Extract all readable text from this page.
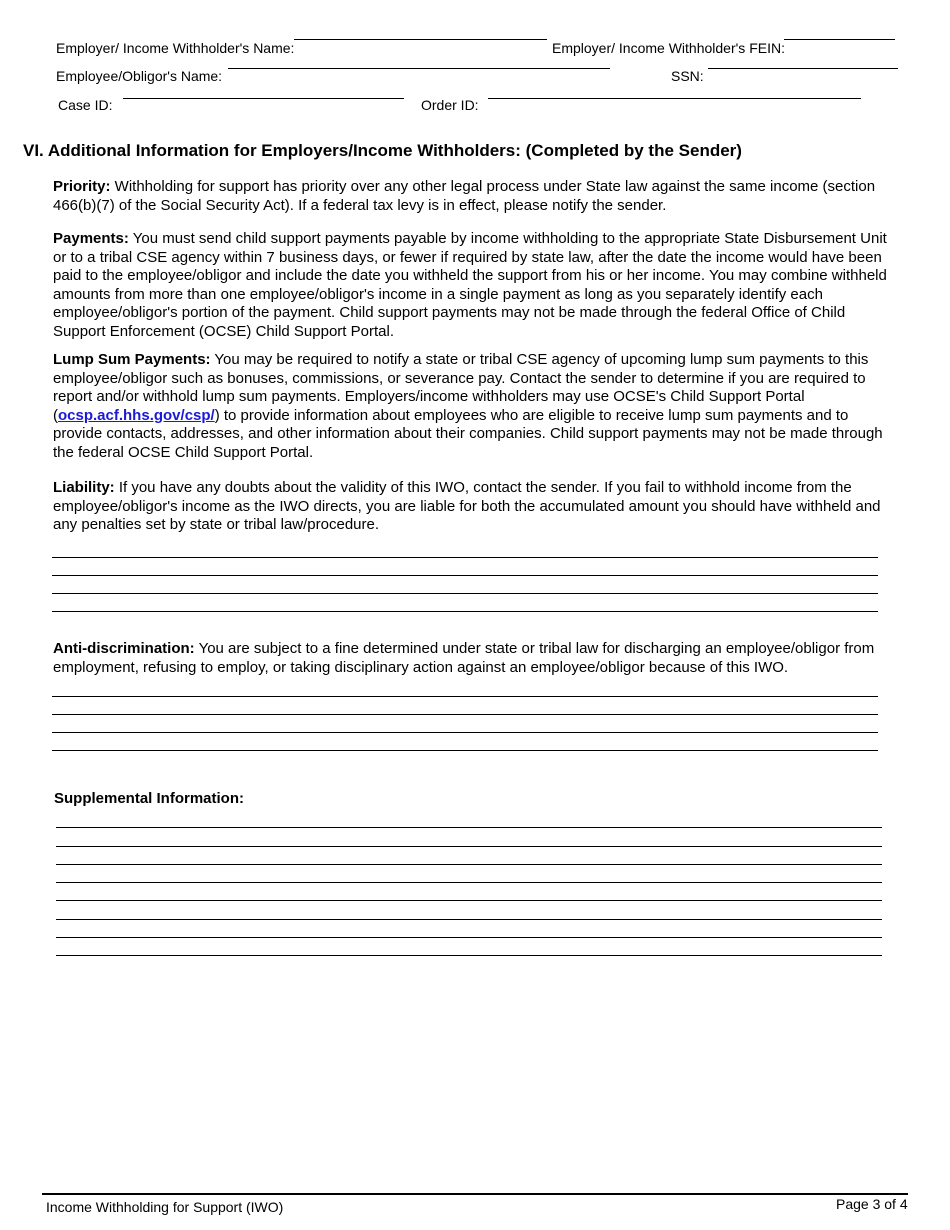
Employer/ Income Withholder's Name:	Employer/ Income Withholder's FEIN:
Employee/Obligor's Name:	SSN:
Case ID:	Order ID:
VI. Additional Information for Employers/Income Withholders: (Completed by the Sender)

Priority: Withholding for support has priority over any other legal process under State law against the same income (section 466(b)(7) of the Social Security Act). If a federal tax levy is in effect, please notify the sender.

Payments: You must send child support payments payable by income withholding to the appropriate State Disbursement Unit or to a tribal CSE agency within 7 business days, or fewer if required by state law, after the date the income would have been paid to the employee/obligor and include the date you withheld the support from his or her income. You may combine withheld amounts from more than one employee/obligor's income in a single payment as long as you separately identify each employee/obligor's portion of the payment. Child support payments may not be made through the federal Office of Child Support Enforcement (OCSE) Child Support Portal.

Lump Sum Payments: You may be required to notify a state or tribal CSE agency of upcoming lump sum payments to this employee/obligor such as bonuses, commissions, or severance pay. Contact the sender to determine if you are required to report and/or withhold lump sum payments. Employers/income withholders may use OCSE's Child Support Portal (ocsp.acf.hhs.gov/csp/) to provide information about employees who are eligible to receive lump sum payments and to provide contacts, addresses, and other information about their companies. Child support payments may not be made through the federal OCSE Child Support Portal.

Liability: If you have any doubts about the validity of this IWO, contact the sender. If you fail to withhold income from the employee/obligor's income as the IWO directs, you are liable for both the accumulated amount you should have withheld and any penalties set by state or tribal law/procedure.

Anti-discrimination: You are subject to a fine determined under state or tribal law for discharging an employee/obligor from employment, refusing to employ, or taking disciplinary action against an employee/obligor because of this IWO.

Supplemental Information:
Income Withholding for Support (IWO)	Page 3 of 4
